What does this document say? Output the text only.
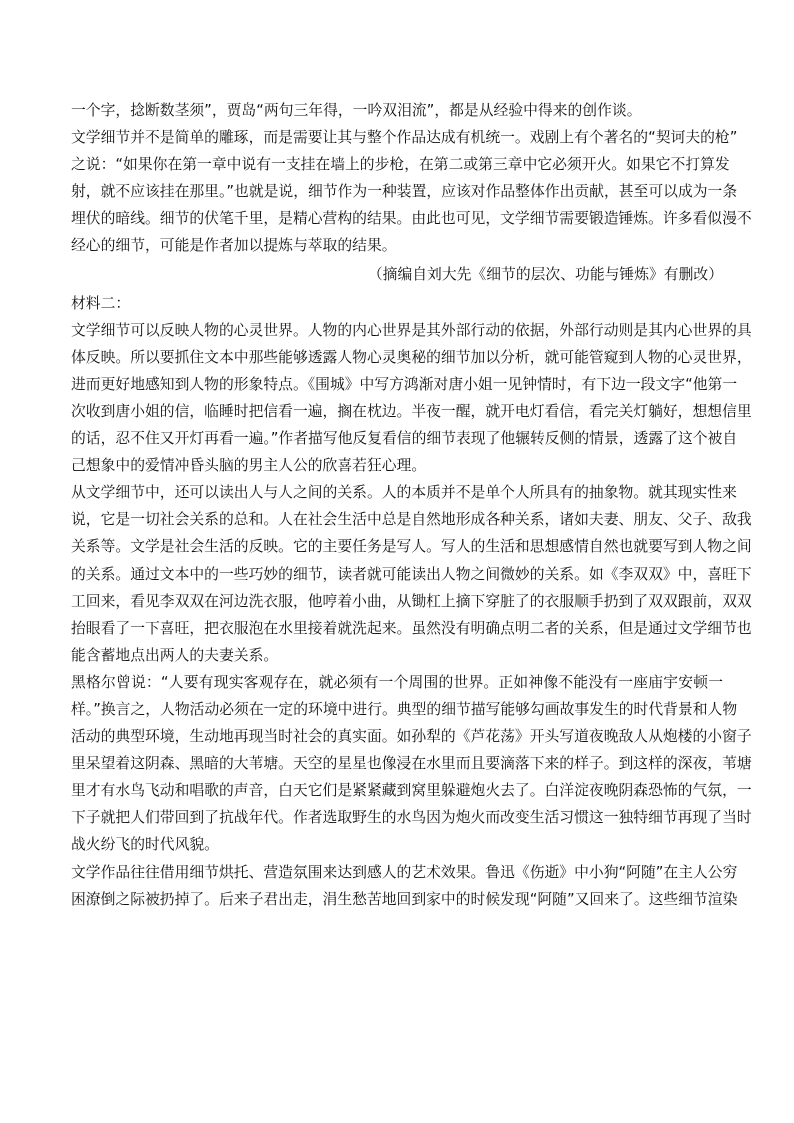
一个字，捻断数茎须”，贾岛“两句三年得，一吟双泪流”，都是从经验中得来的创作谈。
文学细节并不是简单的雕琢，而是需要让其与整个作品达成有机统一。戏剧上有个著名的“契诃夫的枪”
之说：“如果你在第一章中说有一支挂在墙上的步枪，在第二或第三章中它必须开火。如果它不打算发
射，就不应该挂在那里。”也就是说，细节作为一种装置，应该对作品整体作出贡献，甚至可以成为一条
埋伏的暗线。细节的伏笔千里，是精心营构的结果。由此也可见，文学细节需要锻造锤炼。许多看似漫不
经心的细节，可能是作者加以提炼与萃取的结果。
（摘编自刘大先《细节的层次、功能与锤炼》有删改）
材料二：
文学细节可以反映人物的心灵世界。人物的内心世界是其外部行动的依据，外部行动则是其内心世界的具
体反映。所以要抓住文本中那些能够透露人物心灵奥秘的细节加以分析，就可能管窥到人物的心灵世界，
进而更好地感知到人物的形象特点。《围城》中写方鸿渐对唐小姐一见钟情时，有下边一段文字“他第一
次收到唐小姐的信，临睡时把信看一遍，搁在枕边。半夜一醒，就开电灯看信，看完关灯躺好，想想信里
的话，忍不住又开灯再看一遍。”作者描写他反复看信的细节表现了他辗转反侧的情景，透露了这个被自
己想象中的爱情冲昏头脑的男主人公的欣喜若狂心理。
从文学细节中，还可以读出人与人之间的关系。人的本质并不是单个人所具有的抽象物。就其现实性来
说，它是一切社会关系的总和。人在社会生活中总是自然地形成各种关系，诸如夫妻、朋友、父子、敌我
关系等。文学是社会生活的反映。它的主要任务是写人。写人的生活和思想感情自然也就要写到人物之间
的关系。通过文本中的一些巧妙的细节，读者就可能读出人物之间微妙的关系。如《李双双》中，喜旺下
工回来，看见李双双在河边洗衣服，他哼着小曲，从锄杠上摘下穿脏了的衣服顺手扔到了双双跟前，双双
抬眼看了一下喜旺，把衣服泡在水里接着就洗起来。虽然没有明确点明二者的关系，但是通过文学细节也
能含蓄地点出两人的夫妻关系。
黑格尔曾说：“人要有现实客观存在，就必须有一个周围的世界。正如神像不能没有一座庙宇安顿一
样。”换言之，人物活动必须在一定的环境中进行。典型的细节描写能够勾画故事发生的时代背景和人物
活动的典型环境，生动地再现当时社会的真实面。如孙犁的《芦花荡》开头写道夜晚敌人从炮楼的小窗子
里呆望着这阴森、黑暗的大苇塘。天空的星星也像浸在水里而且要滴落下来的样子。到这样的深夜，苇塘
里才有水鸟飞动和唱歌的声音，白天它们是紧紧藏到窝里躲避炮火去了。白洋淀夜晚阴森恐怖的气氛，一
下子就把人们带回到了抗战年代。作者选取野生的水鸟因为炮火而改变生活习惯这一独特细节再现了当时
战火纷飞的时代风貌。
文学作品往往借用细节烘托、营造氛围来达到感人的艺术效果。鲁迅《伤逝》中小狗“阿随”在主人公穷
困潦倒之际被扔掉了。后来子君出走，涓生愁苦地回到家中的时候发现“阿随”又回来了。这些细节渲染
